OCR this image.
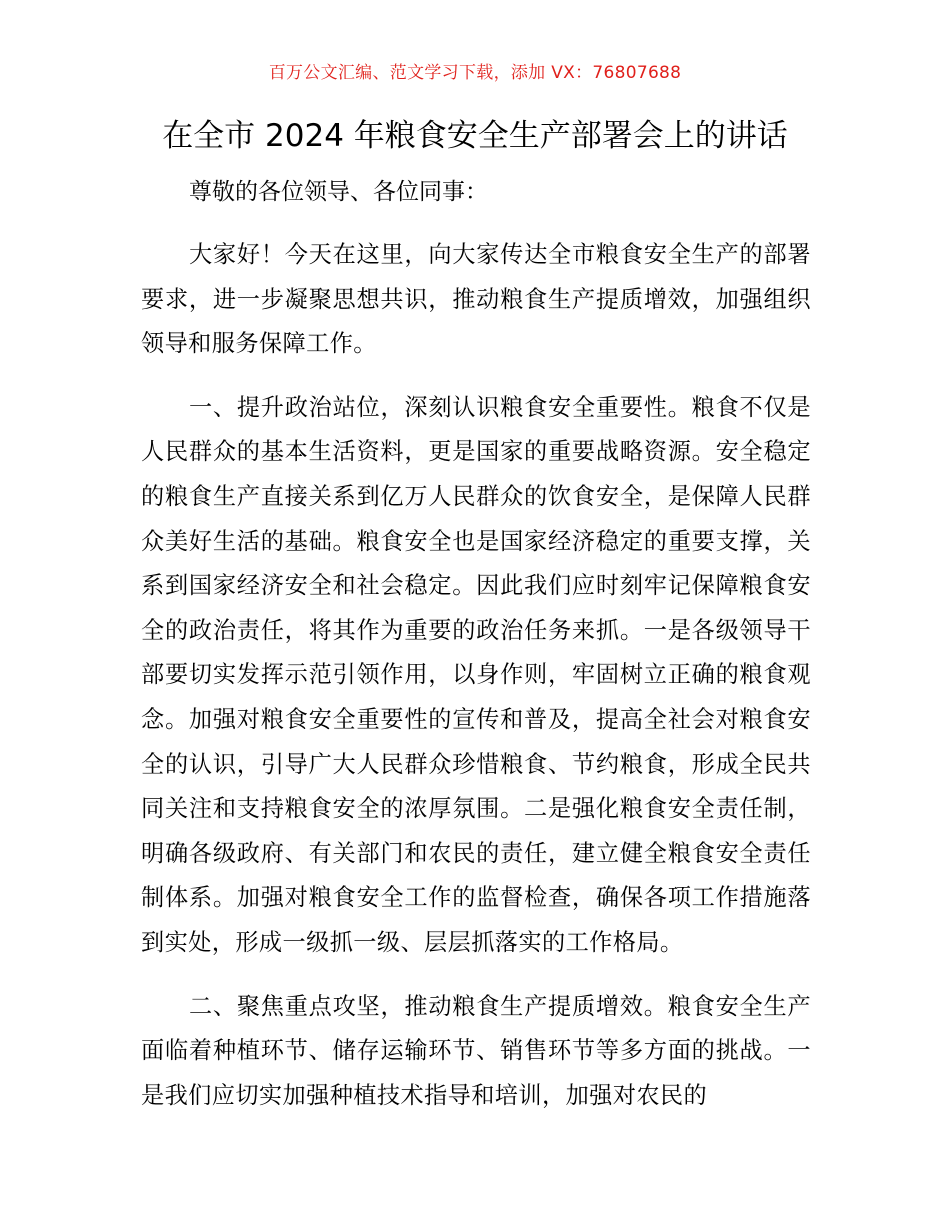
百万公文汇编、范文学习下载，添加 VX：76807688
在全市 2024 年粮食安全生产部署会上的讲话

尊敬的各位领导、各位同事：

大家好！今天在这里，向大家传达全市粮食安全生产的部署要求，进一步凝聚思想共识，推动粮食生产提质增效，加强组织领导和服务保障工作。

一、提升政治站位，深刻认识粮食安全重要性。粮食不仅是人民群众的基本生活资料，更是国家的重要战略资源。安全稳定的粮食生产直接关系到亿万人民群众的饮食安全，是保障人民群众美好生活的基础。粮食安全也是国家经济稳定的重要支撑，关系到国家经济安全和社会稳定。因此我们应时刻牢记保障粮食安全的政治责任，将其作为重要的政治任务来抓。一是各级领导干部要切实发挥示范引领作用，以身作则，牢固树立正确的粮食观念。加强对粮食安全重要性的宣传和普及，提高全社会对粮食安全的认识，引导广大人民群众珍惜粮食、节约粮食，形成全民共同关注和支持粮食安全的浓厚氛围。二是强化粮食安全责任制，明确各级政府、有关部门和农民的责任，建立健全粮食安全责任制体系。加强对粮食安全工作的监督检查，确保各项工作措施落到实处，形成一级抓一级、层层抓落实的工作格局。

二、聚焦重点攻坚，推动粮食生产提质增效。粮食安全生产面临着种植环节、储存运输环节、销售环节等多方面的挑战。一是我们应切实加强种植技术指导和培训，加强对农民的
